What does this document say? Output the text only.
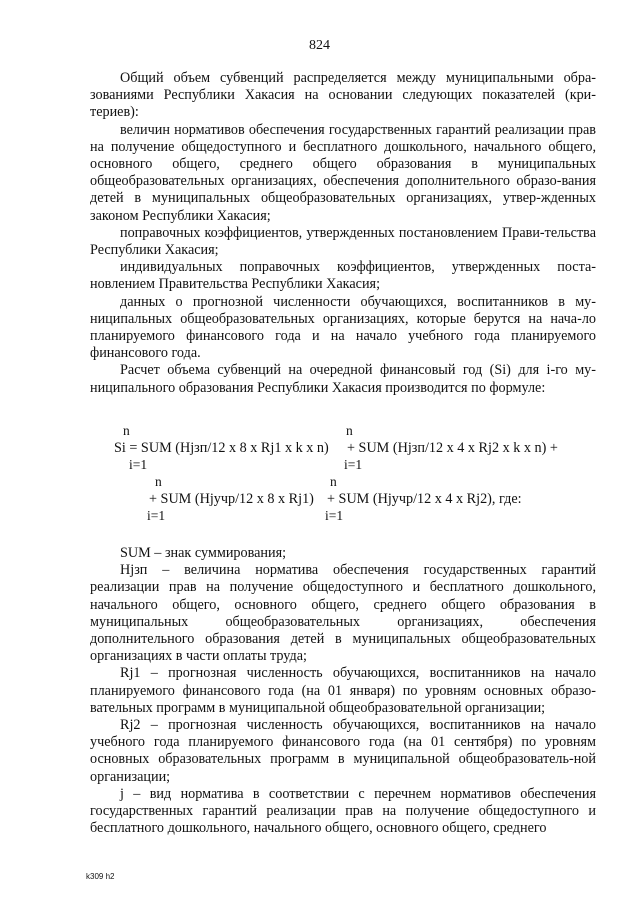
824

Общий объем субвенций распределяется между муниципальными обра-зованиями Республики Хакасия на основании следующих показателей (кри-териев):

величин нормативов обеспечения государственных гарантий реализации прав на получение общедоступного и бесплатного дошкольного, начального общего, основного общего, среднего общего образования в муниципальных общеобразовательных организациях, обеспечения дополнительного образо-вания детей в муниципальных общеобразовательных организациях, утвер-жденных законом Республики Хакасия;

поправочных коэффициентов, утвержденных постановлением Прави-тельства Республики Хакасия;

индивидуальных поправочных коэффициентов, утвержденных поста-новлением Правительства Республики Хакасия;

данных о прогнозной численности обучающихся, воспитанников в му-ниципальных общеобразовательных организациях, которые берутся на нача-ло планируемого финансового года и на начало учебного года планируемого финансового года.

Расчет объема субвенций на очередной финансовый год (Si) для i-го му-ниципального образования Республики Хакасия производится по формуле:

n	n
Si = SUM (Hjзп/12 x 8 x Rj1 x k x n) + SUM (Hjзп/12 x 4 x Rj2 x k x n) +
i=1	i=1
n	n
+ SUM (Hjучр/12 x 8 x Rj1) + SUM (Hjучр/12 x 4 x Rj2), где:
i=1	i=1

SUM – знак суммирования;

Hjзп – величина норматива обеспечения государственных гарантий реализации прав на получение общедоступного и бесплатного дошкольного, начального общего, основного общего, среднего общего образования в муниципальных общеобразовательных организациях, обеспечения дополнительного образования детей в муниципальных общеобразовательных организациях в части оплаты труда;

Rj1 – прогнозная численность обучающихся, воспитанников на начало планируемого финансового года (на 01 января) по уровням основных образо-вательных программ в муниципальной общеобразовательной организации;

Rj2 – прогнозная численность обучающихся, воспитанников на начало учебного года планируемого финансового года (на 01 сентября) по уровням основных образовательных программ в муниципальной общеобразователь-ной организации;

j – вид норматива в соответствии с перечнем нормативов обеспечения государственных гарантий реализации прав на получение общедоступного и бесплатного дошкольного, начального общего, основного общего, среднего

k309 h2
